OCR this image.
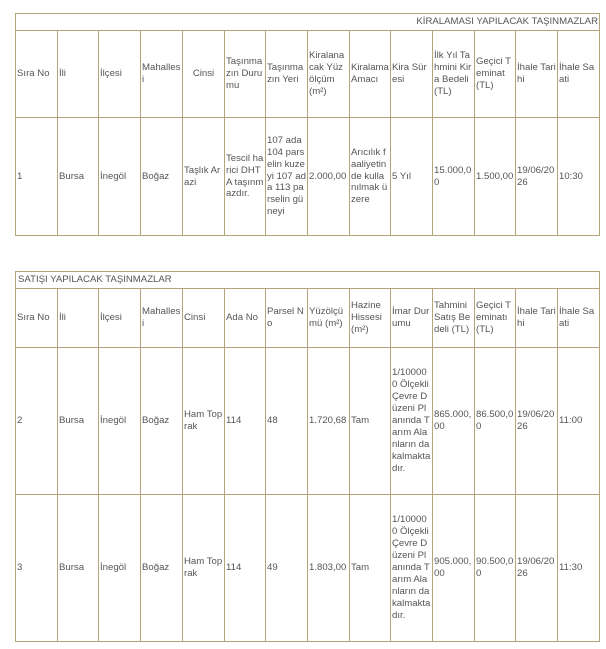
KİRALAMASI YAPILACAK TAŞINMAZLAR													
Sıra No	İli	İlçesi	Mahallesi	Cinsi	Taşınmazın Durumu	Taşınmazın Yeri	Kiralanacak Yüzölçüm (m²)	Kiralama Amacı	Kira Süresi	İlk Yıl Tahmini Kira Bedeli (TL)	Geçici Teminat (TL)	İhale Tarihi	İhale Saati
1	Bursa	İnegöl	Boğaz	Taşlık Arazi	Tescil harici DHTA taşınmazdır.	107 ada 104 parselin kuzeyi 107 ada 113 parselin güneyi	2.000,00	Arıcılık faaliyetinde kullanılmak üzere	5 Yıl	15.000,00	1.500,00	19/06/2026	10:30
SATIŞI YAPILACAK TAŞINMAZLAR													
Sıra No	İli	İlçesi	Mahallesi	Cinsi	Ada No	Parsel No	Yüzölçümü (m²)	Hazine Hissesi (m²)	İmar Durumu	Tahmini Satış Bedeli (TL)	Geçici Teminatı (TL)	İhale Tarihi	İhale Saati
2	Bursa	İnegöl	Boğaz	Ham Toprak	114	48	1.720,68	Tam	1/100000 Ölçekli Çevre Düzeni Planında Tarım Alanların da kalmaktadır.	865.000,00	86.500,00	19/06/2026	11:00
3	Bursa	İnegöl	Boğaz	Ham Toprak	114	49	1.803,00	Tam	1/100000 Ölçekli Çevre Düzeni Planında Tarım Alanların da kalmaktadır.	905.000,00	90.500,00	19/06/2026	11:30
